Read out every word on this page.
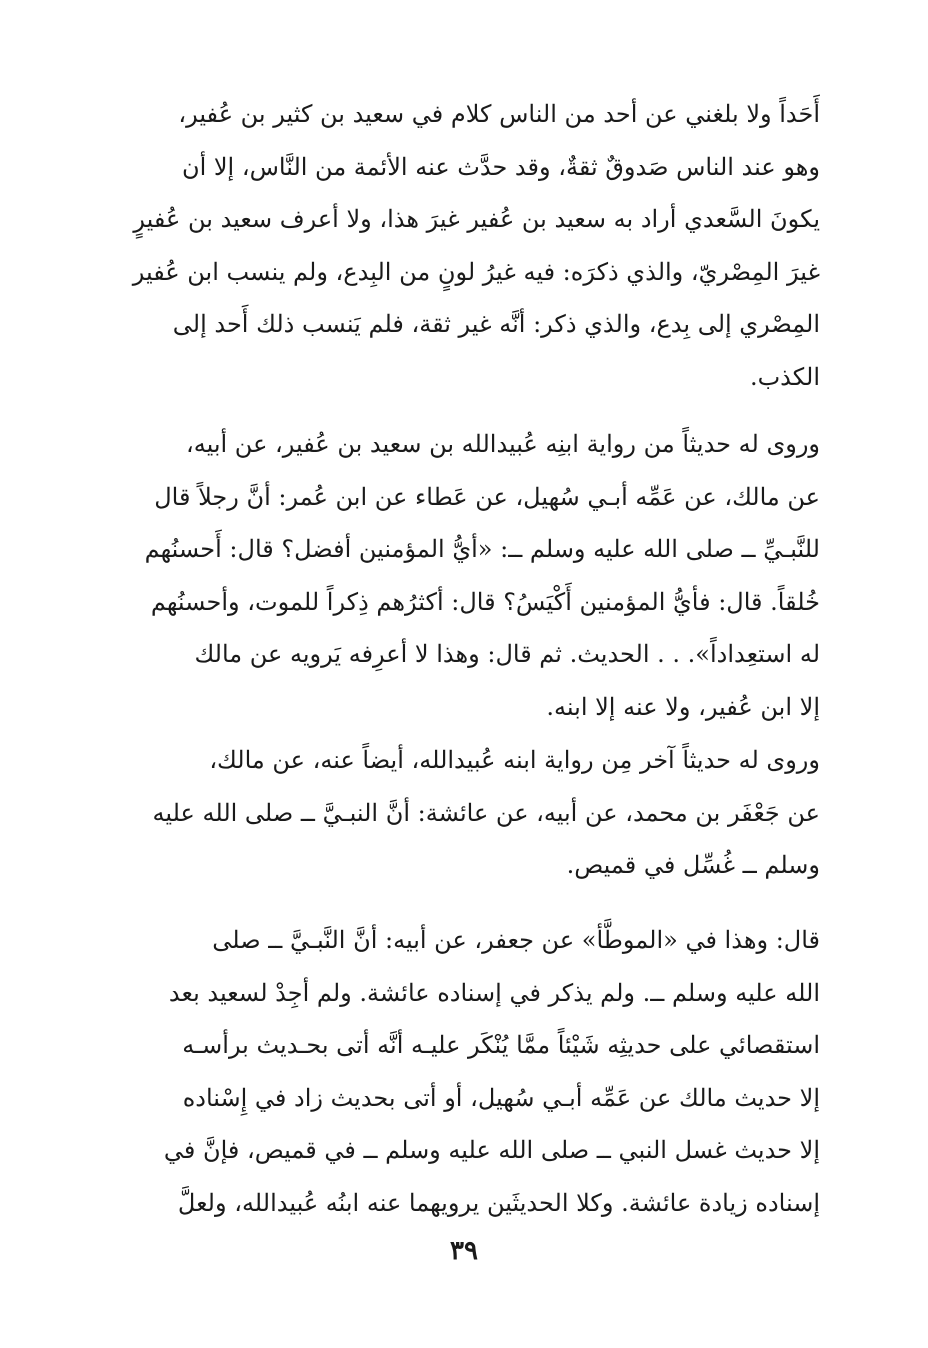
أَحَداً ولا بلغني عن أحد من الناس كلام في سعيد بن كثير بن عُفير،
وهو عند الناس صَدوقٌ ثقةٌ، وقد حدَّث عنه الأئمة من النَّاس، إلا أن
يكونَ السَّعدي أراد به سعيد بن عُفير غيرَ هذا، ولا أعرف سعيد بن عُفيرٍ
غيرَ المِصْريّ، والذي ذكرَه: فيه غيرُ لونٍ من البِدع، ولم ينسب ابن عُفير
المِصْري إلى بِدع، والذي ذكر: أنَّه غير ثقة، فلم يَنسب ذلك أَحد إلى
الكذب.

وروى له حديثاً من رواية ابنِه عُبيدالله بن سعيد بن عُفير، عن أبيه،
عن مالك، عن عَمِّه أبـي سُهيل، عن عَطاء عن ابن عُمر: أنَّ رجلاً قال
للنَّبـيِّ ــ صلى الله عليه وسلم ــ: «أيُّ المؤمنين أفضل؟ قال: أَحسنُهم
خُلقاً. قال: فأيُّ المؤمنين أَكْيَسُ؟ قال: أكثرُهم ذِكراً للموت، وأحسنُهم
له استعِداداً». . . الحديث. ثم قال: وهذا لا أعرِفه يَرويه عن مالك
إلا ابن عُفير، ولا عنه إلا ابنه.

وروى له حديثاً آخر مِن رواية ابنه عُبيدالله، أيضاً عنه، عن مالك،
عن جَعْفَر بن محمد، عن أبيه، عن عائشة: أنَّ النبـيَّ ــ صلى الله عليه
وسلم ــ غُسِّل في قميص.

قال: وهذا في «الموطَّأ» عن جعفر، عن أبيه: أنَّ النَّبـيَّ ــ صلى
الله عليه وسلم ــ. ولم يذكر في إسناده عائشة. ولم أجِدْ لسعيد بعد
استقصائي على حديثِه شَيْئاً ممَّا يُنْكَر عليـه أنَّه أتى بحـديث برأسـه
إلا حديث مالك عن عَمِّه أبـي سُهيل، أو أتى بحديث زاد في إِسْناده
إلا حديث غسل النبي ــ صلى الله عليه وسلم ــ في قميص، فإنَّ في
إسناده زيادة عائشة. وكلا الحديثَين يرويهما عنه ابنُه عُبيدالله، ولعلَّ

٣٩
